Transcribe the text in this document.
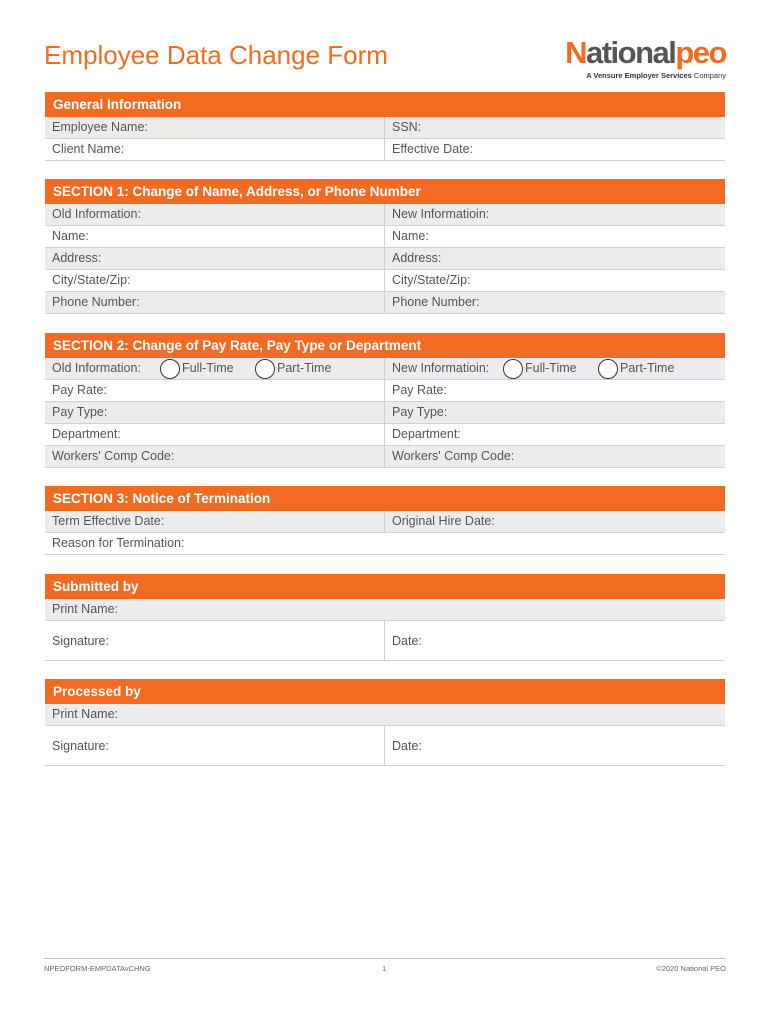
Employee Data Change Form	Nationalpeo
A Vensure Employer Services Company
General Information
Employee Name:	SSN:
Client Name:	Effective Date:
SECTION 1: Change of Name, Address, or Phone Number
Old Information:	New Informatioin:
Name:	Name:
Address:	Address:
City/State/Zip:	City/State/Zip:
Phone Number:	Phone Number:
SECTION 2: Change of Pay Rate, Pay Type or Department
Old Information:	Full-Time	Part-Time	New Informatioin:	Full-Time	Part-Time
Pay Rate:	Pay Rate:
Pay Type:	Pay Type:
Department:	Department:
Workers' Comp Code:	Workers' Comp Code:
SECTION 3: Notice of Termination
Term Effective Date:	Original Hire Date:
Reason for Termination:
Submitted by
Print Name:
Signature:	Date:
Processed by
Print Name:
Signature:	Date:
NPEOFORM-EMPDATAvCHNG	1	©2020 National PEO
